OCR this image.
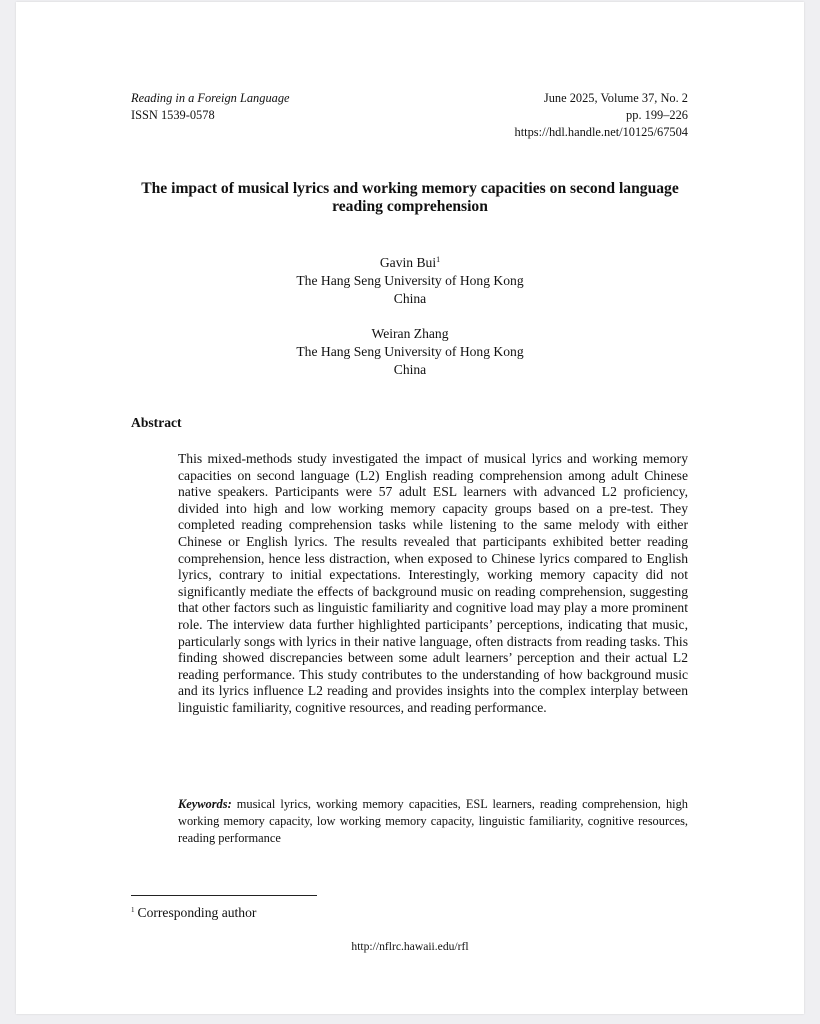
Reading in a Foreign Language
ISSN 1539-0578
June 2025, Volume 37, No. 2
pp. 199–226
https://hdl.handle.net/10125/67504
The impact of musical lyrics and working memory capacities on second language reading comprehension
Gavin Bui$^1$
The Hang Seng University of Hong Kong
China
Weiran Zhang
The Hang Seng University of Hong Kong
China
Abstract

This mixed-methods study investigated the impact of musical lyrics and working memory capacities on second language (L2) English reading comprehension among adult Chinese native speakers. Participants were 57 adult ESL learners with advanced L2 proficiency, divided into high and low working memory capacity groups based on a pre-test. They completed reading comprehension tasks while listening to the same melody with either Chinese or English lyrics. The results revealed that participants exhibited better reading comprehension, hence less distraction, when exposed to Chinese lyrics compared to English lyrics, contrary to initial expectations. Interestingly, working memory capacity did not significantly mediate the effects of background music on reading comprehension, suggesting that other factors such as linguistic familiarity and cognitive load may play a more prominent role. The interview data further highlighted participants’ perceptions, indicating that music, particularly songs with lyrics in their native language, often distracts from reading tasks. This finding showed discrepancies between some adult learners’ perception and their actual L2 reading performance. This study contributes to the understanding of how background music and its lyrics influence L2 reading and provides insights into the complex interplay between linguistic familiarity, cognitive resources, and reading performance.

Keywords: musical lyrics, working memory capacities, ESL learners, reading comprehension, high working memory capacity, low working memory capacity, linguistic familiarity, cognitive resources, reading performance

$^1$ Corresponding author
http://nflrc.hawaii.edu/rfl
